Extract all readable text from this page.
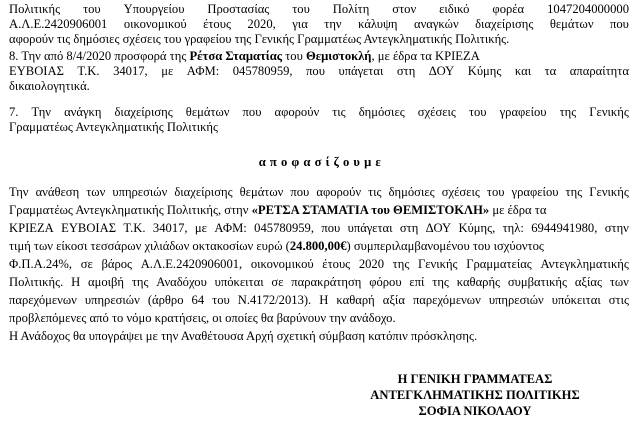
Πολιτικής του Υπουργείου Προστασίας του Πολίτη στον ειδικό φορέα 1047204000000
Α.Λ.Ε.2420906001 οικονομικού έτους 2020, για την κάλυψη αναγκών διαχείρισης θεμάτων που
αφορούν τις δημόσιες σχέσεις του γραφείου της Γενικής Γραμματέως Αντεγκληματικής Πολιτικής.
8. Την από 8/4/2020 προσφορά της Ρέτσα Σταματίας του Θεμιστοκλή, με έδρα τα ΚΡΙΕΖΑ
ΕΥΒΟΙΑΣ Τ.Κ. 34017, με ΑΦΜ: 045780959, που υπάγεται στη ΔΟΥ Κύμης και τα απαραίτητα
δικαιολογητικά.
7. Την ανάγκη διαχείρισης θεμάτων που αφορούν τις δημόσιες σχέσεις του γραφείου της Γενικής
Γραμματέως Αντεγκληματικής Πολιτικής
α π ο φ α σ ί ζ ο υ μ ε
Την ανάθεση των υπηρεσιών διαχείρισης θεμάτων που αφορούν τις δημόσιες σχέσεις του γραφείου της Γενικής
Γραμματέως Αντεγκληματικής Πολιτικής, στην «ΡΕΤΣΑ ΣΤΑΜΑΤΙΑ του ΘΕΜΙΣΤΟΚΛΗ» με έδρα τα
ΚΡΙΕΖΑ ΕΥΒΟΙΑΣ Τ.Κ. 34017, με ΑΦΜ: 045780959, που υπάγεται στη ΔΟΥ Κύμης, τηλ: 6944941980, στην
τιμή των είκοσι τεσσάρων χιλιάδων οκτακοσίων ευρώ (24.800,00€) συμπεριλαμβανομένου του ισχύοντος
Φ.Π.Α.24%, σε βάρος Α.Λ.Ε.2420906001, οικονομικού έτους 2020 της Γενικής Γραμματείας Αντεγκληματικής
Πολιτικής. Η αμοιβή της Αναδόχου υπόκειται σε παρακράτηση φόρου επί της καθαρής συμβατικής αξίας των
παρεχόμενων υπηρεσιών (άρθρο 64 του Ν.4172/2013). Η καθαρή αξία παρεχόμενων υπηρεσιών υπόκειται στις
προβλεπόμενες από το νόμο κρατήσεις, οι οποίες θα βαρύνουν την ανάδοχο.
Η Ανάδοχος θα υπογράψει με την Αναθέτουσα Αρχή σχετική σύμβαση κατόπιν πρόσκλησης.
Η ΓΕΝΙΚΗ ΓΡΑΜΜΑΤΕΑΣ
ΑΝΤΕΓΚΛΗΜΑΤΙΚΗΣ ΠΟΛΙΤΙΚΗΣ
ΣΟΦΙΑ ΝΙΚΟΛΑΟΥ
